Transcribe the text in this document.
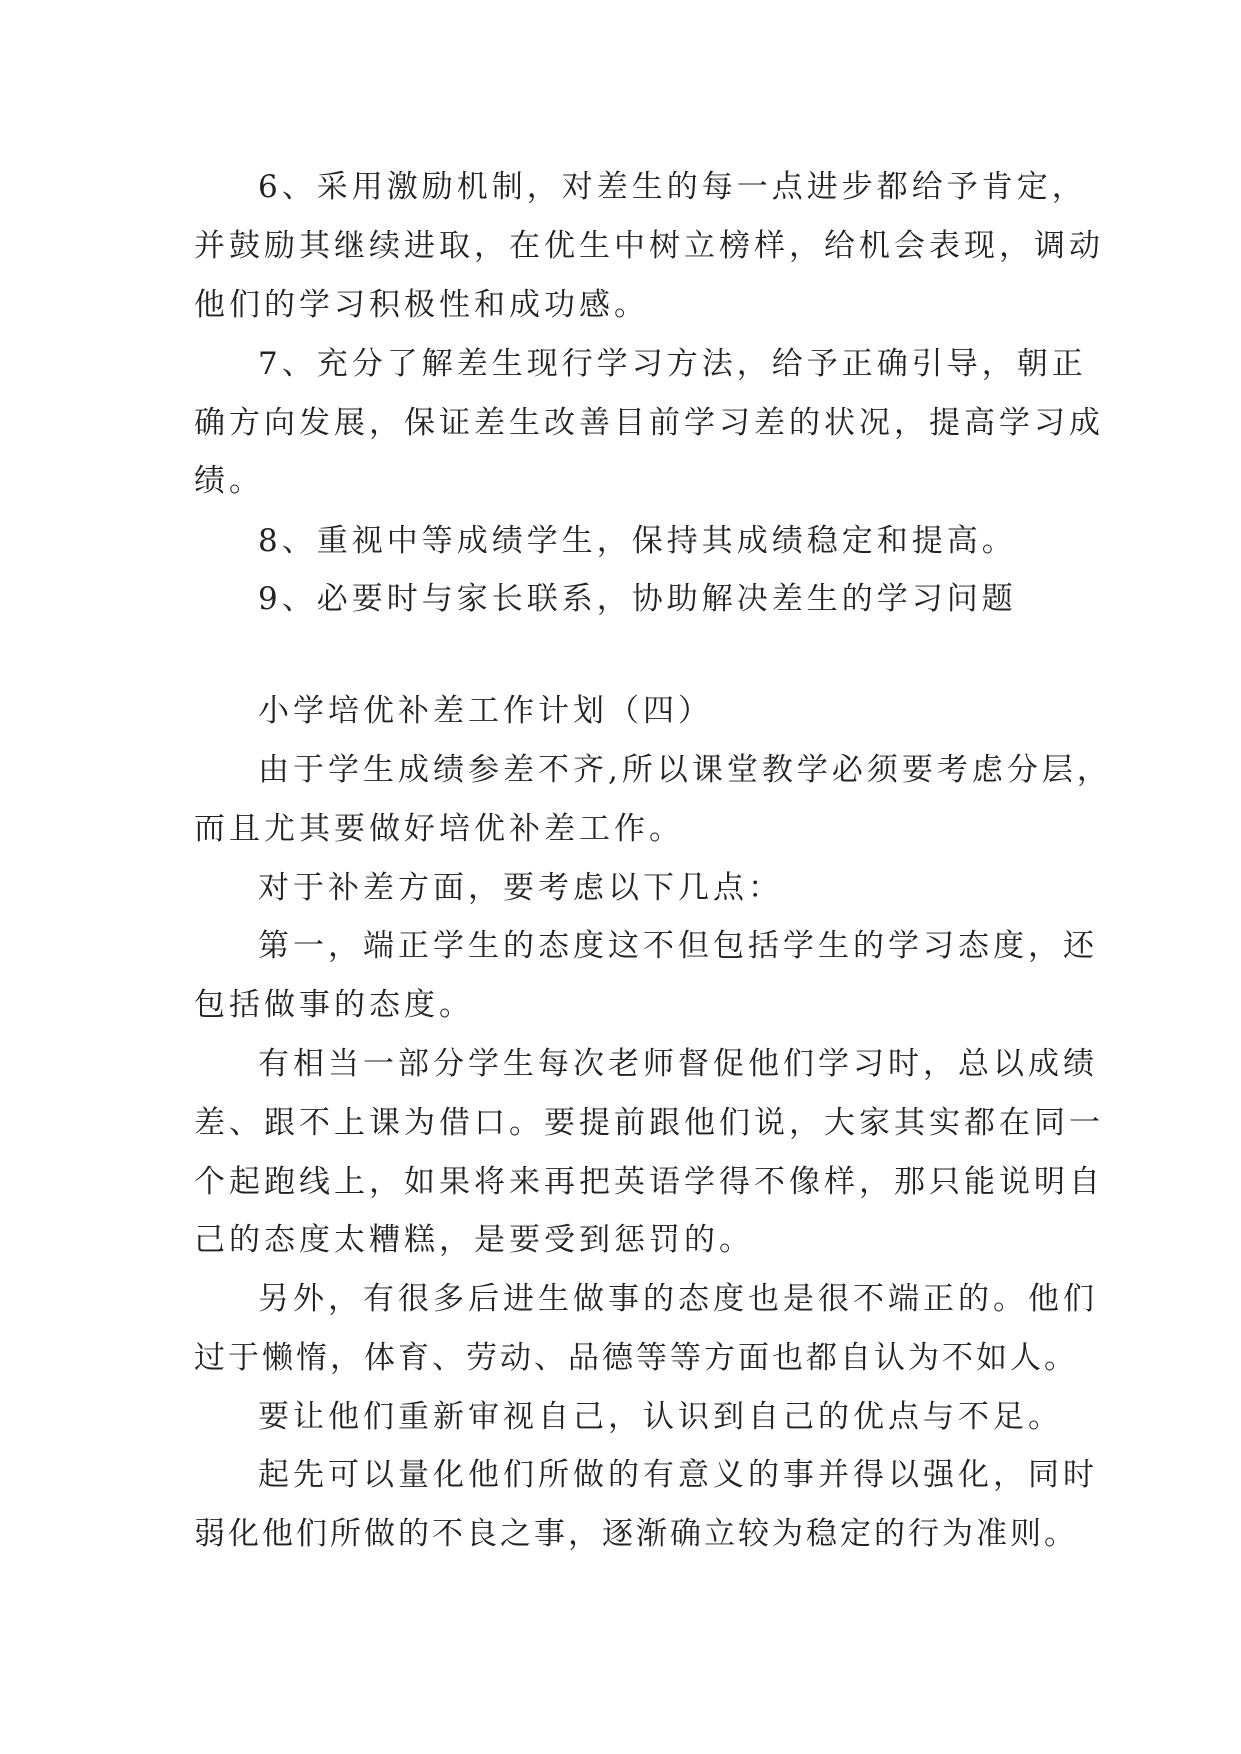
6、采用激励机制，对差生的每一点进步都给予肯定，
并鼓励其继续进取，在优生中树立榜样，给机会表现，调动
他们的学习积极性和成功感。
7、充分了解差生现行学习方法，给予正确引导，朝正
确方向发展，保证差生改善目前学习差的状况，提高学习成
绩。
8、重视中等成绩学生，保持其成绩稳定和提高。
9、必要时与家长联系，协助解决差生的学习问题
小学培优补差工作计划（四）
由于学生成绩参差不齐,所以课堂教学必须要考虑分层，
而且尤其要做好培优补差工作。
对于补差方面，要考虑以下几点：
第一，端正学生的态度这不但包括学生的学习态度，还
包括做事的态度。
有相当一部分学生每次老师督促他们学习时，总以成绩
差、跟不上课为借口。要提前跟他们说，大家其实都在同一
个起跑线上，如果将来再把英语学得不像样，那只能说明自
己的态度太糟糕，是要受到惩罚的。
另外，有很多后进生做事的态度也是很不端正的。他们
过于懒惰，体育、劳动、品德等等方面也都自认为不如人。
要让他们重新审视自己，认识到自己的优点与不足。
起先可以量化他们所做的有意义的事并得以强化，同时
弱化他们所做的不良之事，逐渐确立较为稳定的行为准则。
